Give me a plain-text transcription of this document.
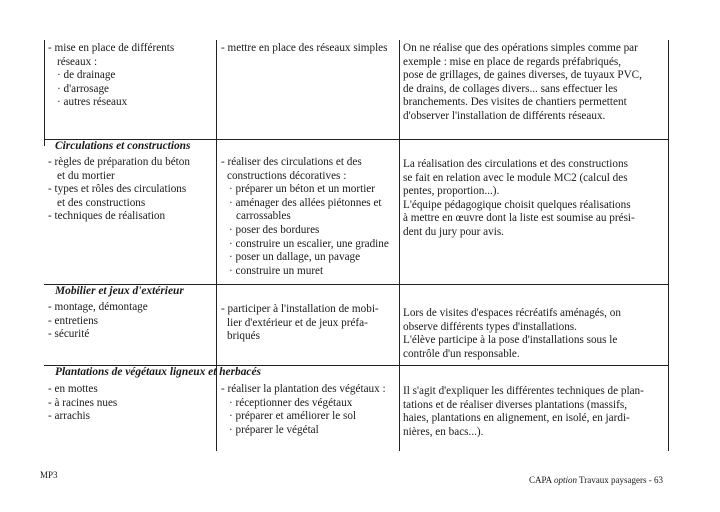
- mise en place de différents
réseaux :
· de drainage
· d'arrosage
· autres réseaux
- mettre en place des réseaux simples On ne réalise que des opérations simples comme par
exemple : mise en place de regards préfabriqués,
pose de grillages, de gaines diverses, de tuyaux PVC,
de drains, de collages divers... sans effectuer les
branchements. Des visites de chantiers permettent
d'observer l'installation de différents réseaux.
Circulations et constructions
- règles de préparation du béton
et du mortier
- types et rôles des circulations
et des constructions
- techniques de réalisation
- réaliser des circulations et des
constructions décoratives :
· préparer un béton et un mortier
· aménager des allées piétonnes et
carrossables
· poser des bordures
· construire un escalier, une gradine
· poser un dallage, un pavage
· construire un muret
La réalisation des circulations et des constructions
se fait en relation avec le module MC2 (calcul des
pentes, proportion...).
L'équipe pédagogique choisit quelques réalisations
à mettre en œuvre dont la liste est soumise au prési-
dent du jury pour avis.
Mobilier et jeux d'extérieur
- montage, démontage
- entretiens
- sécurité
- participer à l'installation de mobi-
lier d'extérieur et de jeux préfa-
briqués
Lors de visites d'espaces récréatifs aménagés, on
observe différents types d'installations.
L'élève participe à la pose d'installations sous le
contrôle d'un responsable.
Plantations de végétaux ligneux et herbacés
- en mottes
- à racines nues
- arrachis
- réaliser la plantation des végétaux :
· réceptionner des végétaux
· préparer et améliorer le sol
· préparer le végétal
Il s'agit d'expliquer les différentes techniques de plan-
tations et de réaliser diverses plantations (massifs,
haies, plantations en alignement, en isolé, en jardi-
nières, en bacs...).
MP3	CAPA option Travaux paysagers - 63
